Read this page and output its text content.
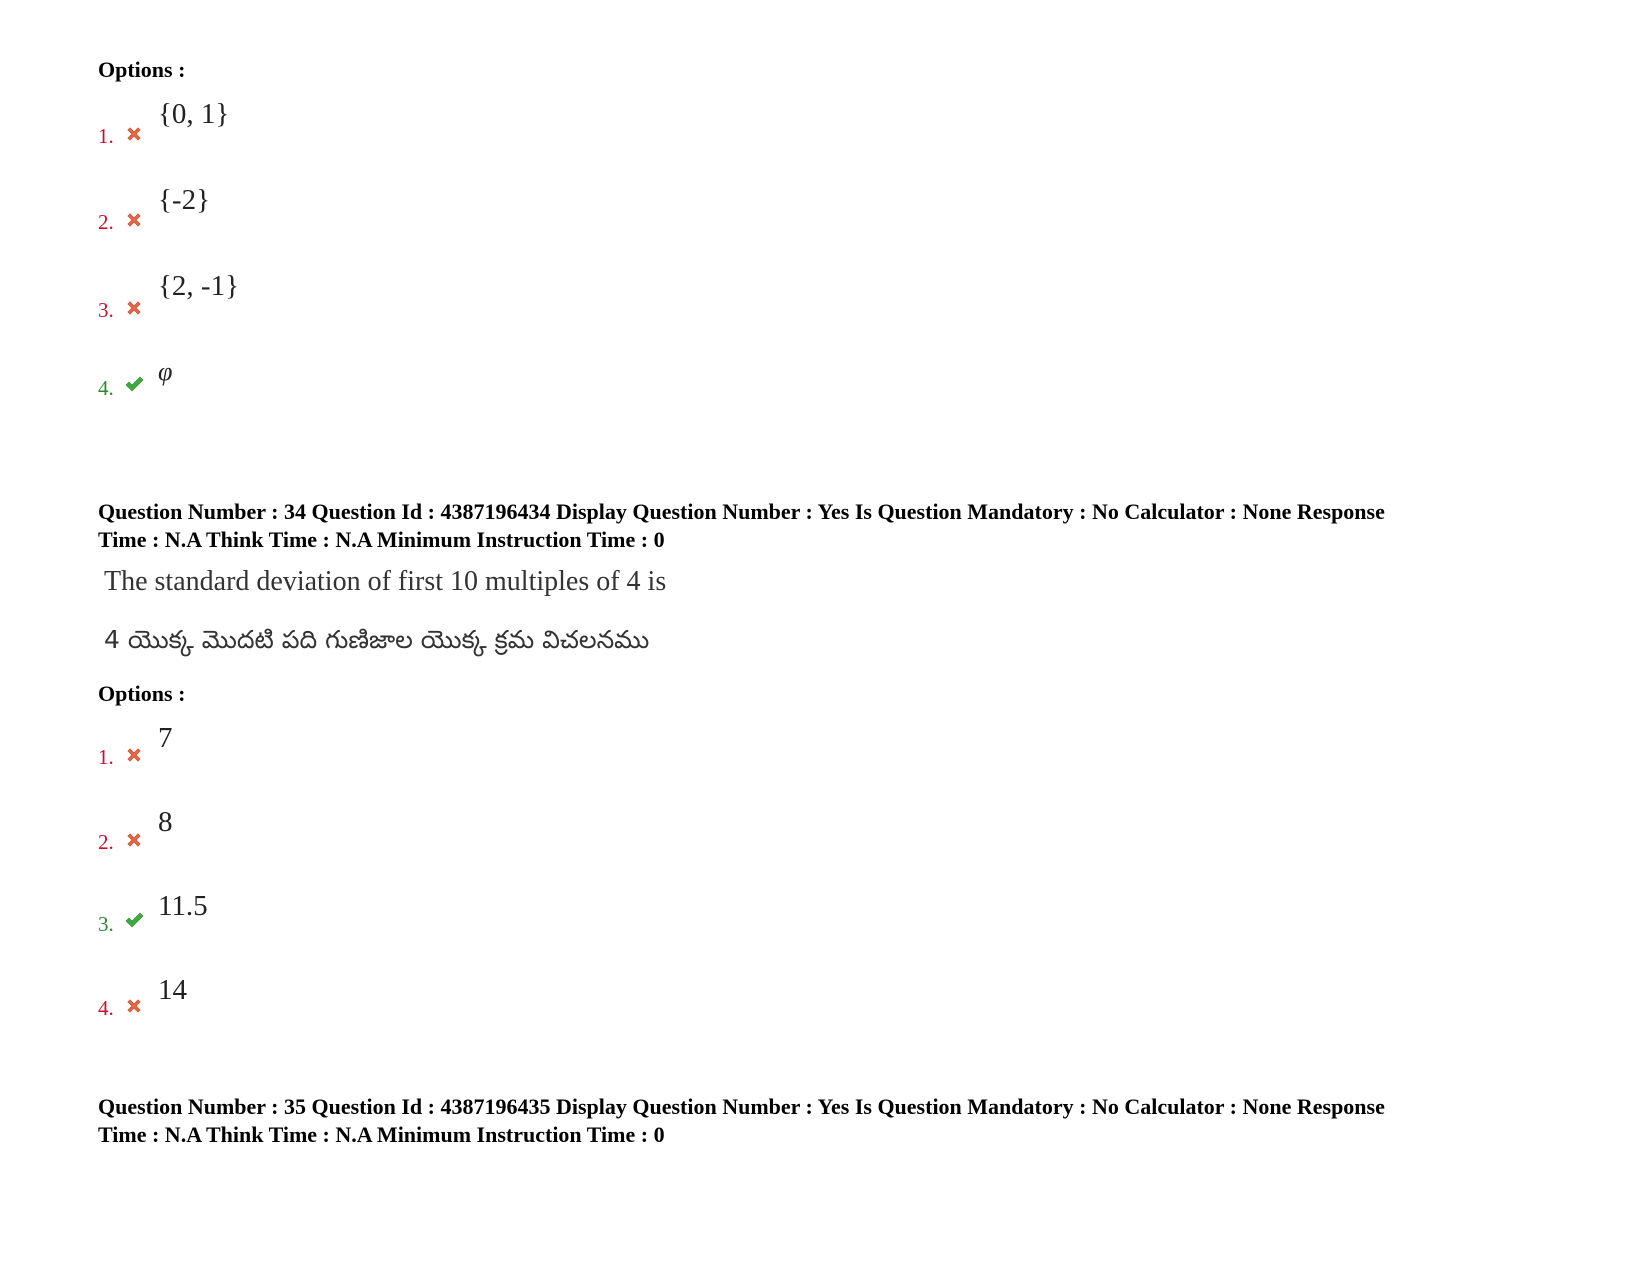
Options :
1.
{0, 1}
2.
{-2}
3.
{2, -1}
4.
φ
Question Number : 34 Question Id : 4387196434 Display Question Number : Yes Is Question Mandatory : No Calculator : None Response
Time : N.A Think Time : N.A Minimum Instruction Time : 0
The standard deviation of first 10 multiples of 4 is
4 యొక్క మొదటి పది గుణిజాల యొక్క క్రమ విచలనము
Options :
1.
7
2.
8
3.
11.5
4.
14
Question Number : 35 Question Id : 4387196435 Display Question Number : Yes Is Question Mandatory : No Calculator : None Response
Time : N.A Think Time : N.A Minimum Instruction Time : 0
